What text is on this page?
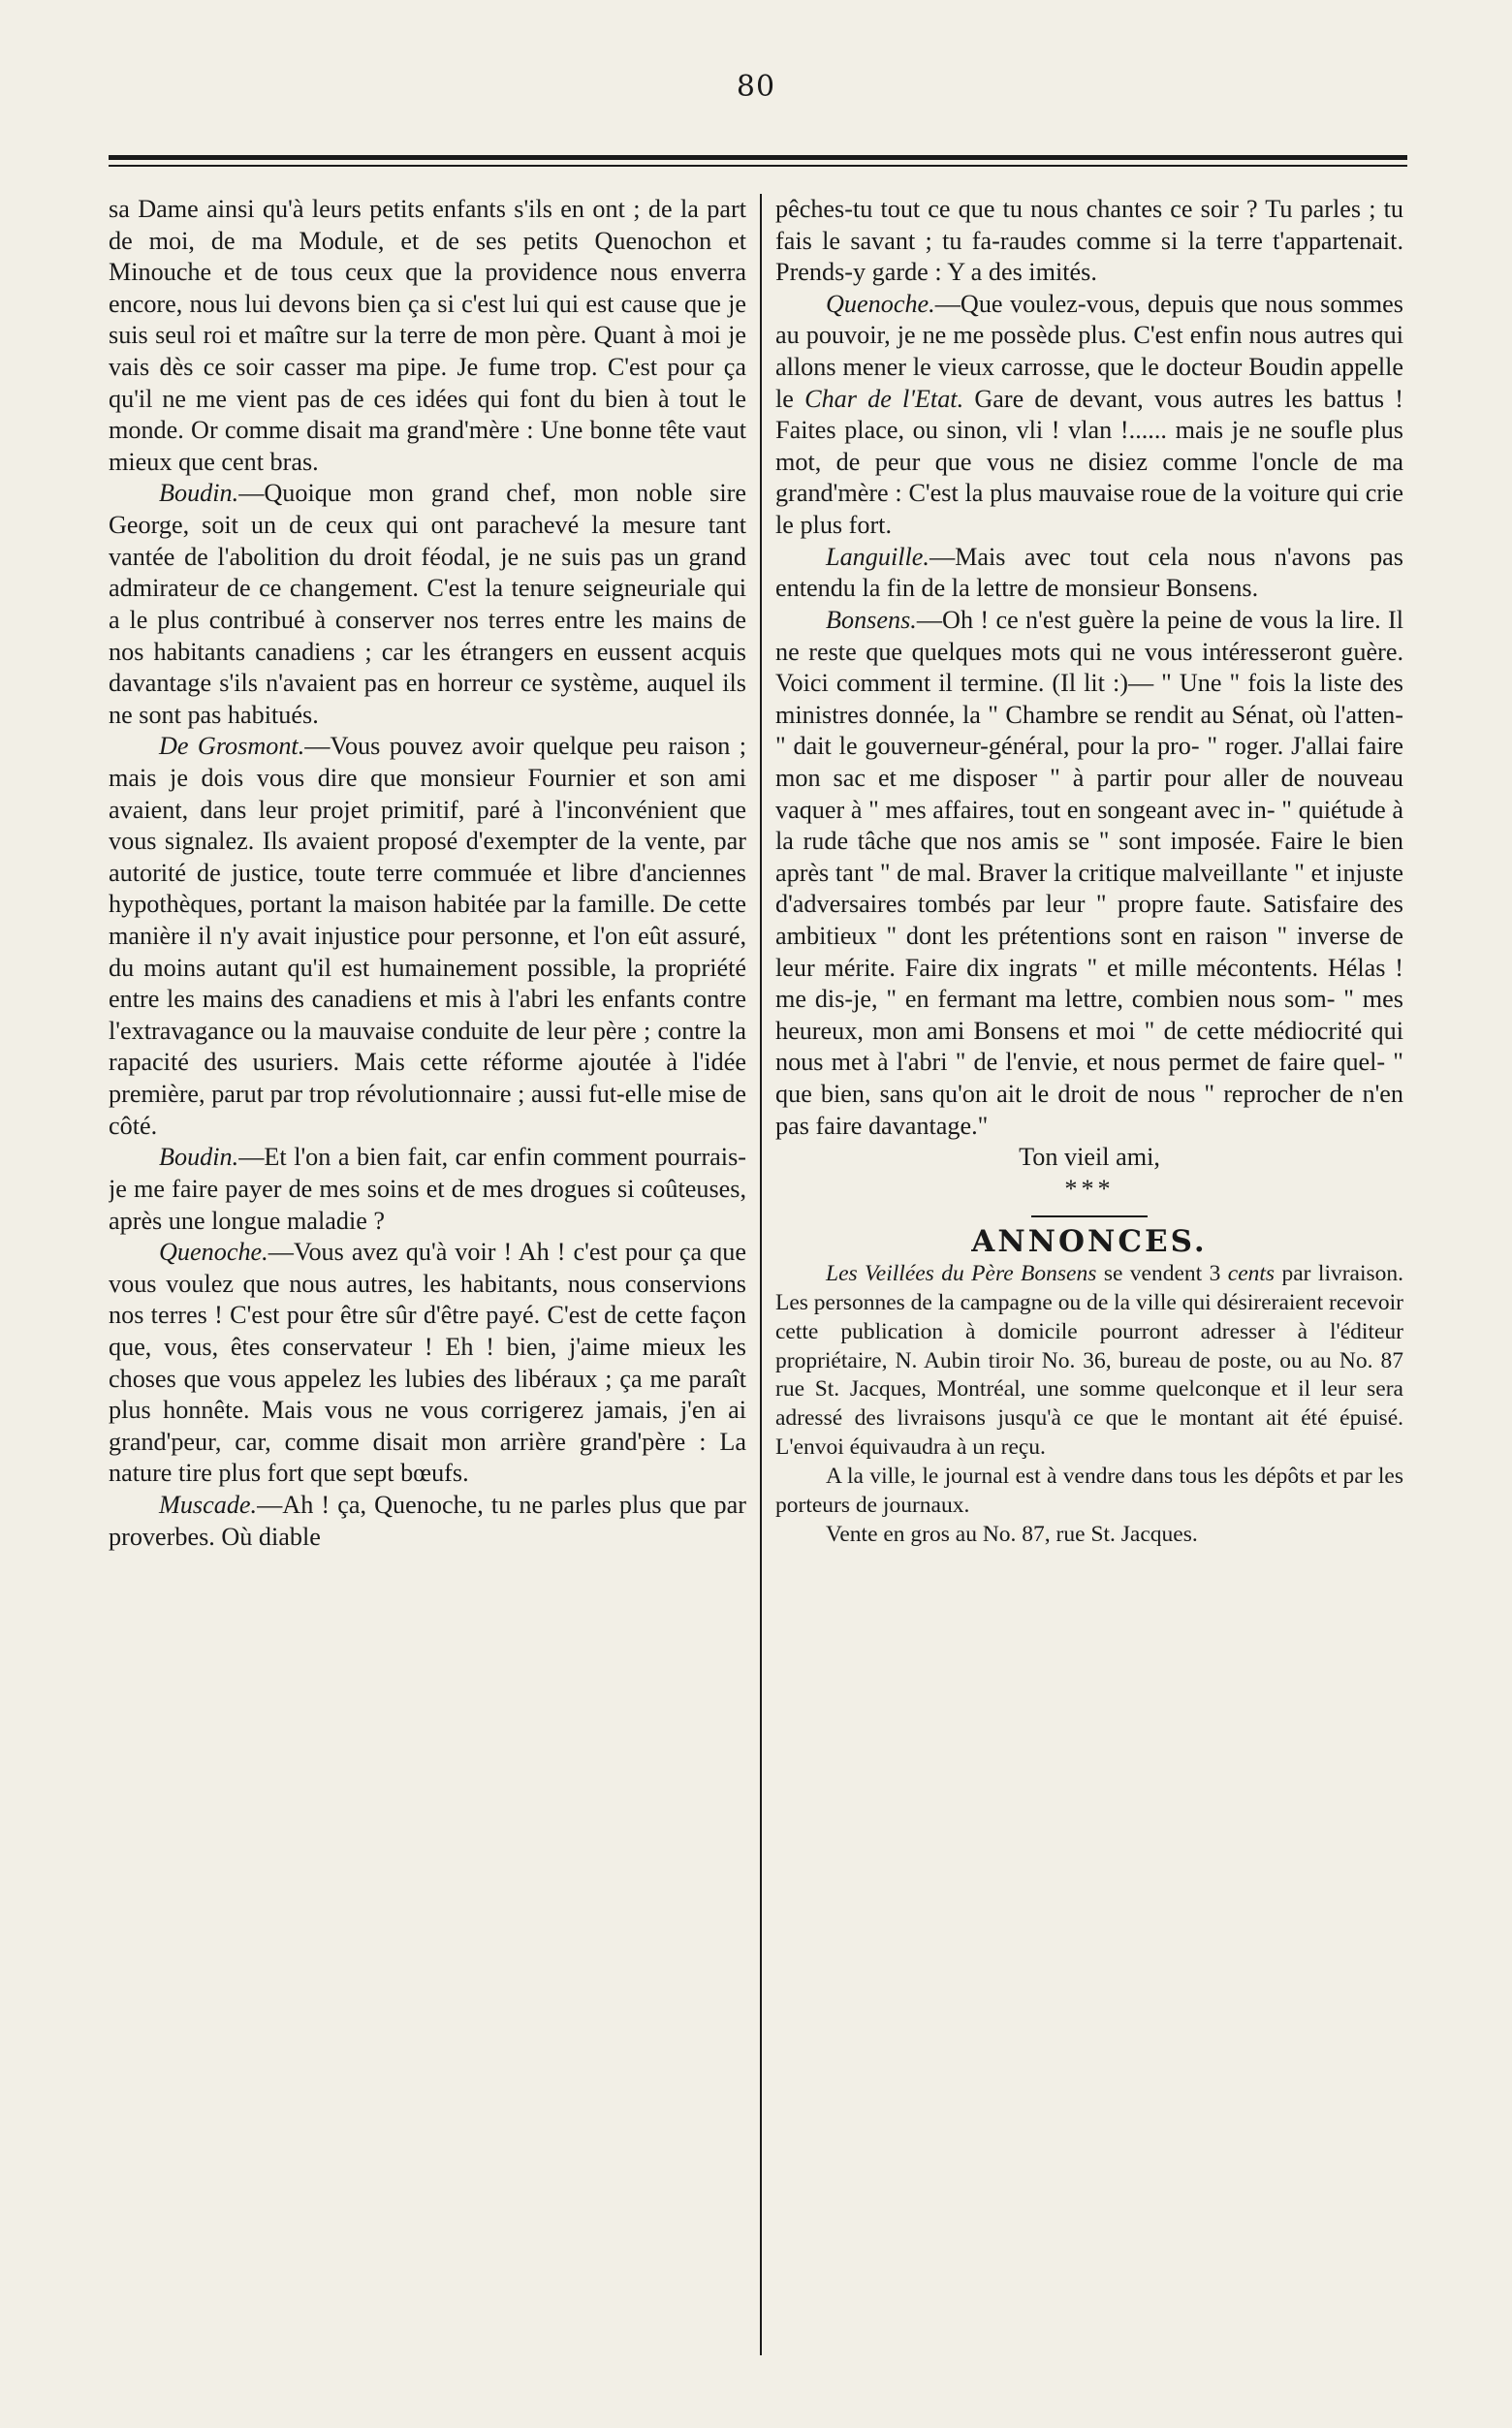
80

sa Dame ainsi qu'à leurs petits enfants s'ils en ont ; de la part de moi, de ma Module, et de ses petits Quenochon et Minouche et de tous ceux que la providence nous enverra encore, nous lui devons bien ça si c'est lui qui est cause que je suis seul roi et maître sur la terre de mon père. Quant à moi je vais dès ce soir casser ma pipe. Je fume trop. C'est pour ça qu'il ne me vient pas de ces idées qui font du bien à tout le monde. Or comme disait ma grand'mère : Une bonne tête vaut mieux que cent bras.

Boudin.—Quoique mon grand chef, mon noble sire George, soit un de ceux qui ont parachevé la mesure tant vantée de l'abolition du droit féodal, je ne suis pas un grand admirateur de ce changement. C'est la tenure seigneuriale qui a le plus contribué à conserver nos terres entre les mains de nos habitants canadiens ; car les étrangers en eussent acquis davantage s'ils n'avaient pas en horreur ce système, auquel ils ne sont pas habitués.

De Grosmont.—Vous pouvez avoir quelque peu raison ; mais je dois vous dire que monsieur Fournier et son ami avaient, dans leur projet primitif, paré à l'inconvénient que vous signalez. Ils avaient proposé d'exempter de la vente, par autorité de justice, toute terre commuée et libre d'anciennes hypothèques, portant la maison habitée par la famille. De cette manière il n'y avait injustice pour personne, et l'on eût assuré, du moins autant qu'il est humainement possible, la propriété entre les mains des canadiens et mis à l'abri les enfants contre l'extravagance ou la mauvaise conduite de leur père ; contre la rapacité des usuriers. Mais cette réforme ajoutée à l'idée première, parut par trop révolutionnaire ; aussi fut-elle mise de côté.

Boudin.—Et l'on a bien fait, car enfin comment pourrais-je me faire payer de mes soins et de mes drogues si coûteuses, après une longue maladie ?

Quenoche.—Vous avez qu'à voir ! Ah ! c'est pour ça que vous voulez que nous autres, les habitants, nous conservions nos terres ! C'est pour être sûr d'être payé. C'est de cette façon que, vous, êtes conservateur ! Eh ! bien, j'aime mieux les choses que vous appelez les lubies des libéraux ; ça me paraît plus honnête. Mais vous ne vous corrigerez jamais, j'en ai grand'peur, car, comme disait mon arrière grand'père : La nature tire plus fort que sept bœufs.

Muscade.—Ah ! ça, Quenoche, tu ne parles plus que par proverbes. Où diable

pêches-tu tout ce que tu nous chantes ce soir ? Tu parles ; tu fais le savant ; tu fa-raudes comme si la terre t'appartenait. Prends-y garde : Y a des imités.

Quenoche.—Que voulez-vous, depuis que nous sommes au pouvoir, je ne me possède plus. C'est enfin nous autres qui allons mener le vieux carrosse, que le docteur Boudin appelle le Char de l'Etat. Gare de devant, vous autres les battus ! Faites place, ou sinon, vli ! vlan !...... mais je ne soufle plus mot, de peur que vous ne disiez comme l'oncle de ma grand'mère : C'est la plus mauvaise roue de la voiture qui crie le plus fort.

Languille.—Mais avec tout cela nous n'avons pas entendu la fin de la lettre de monsieur Bonsens.

Bonsens.—Oh ! ce n'est guère la peine de vous la lire. Il ne reste que quelques mots qui ne vous intéresseront guère. Voici comment il termine. (Il lit :)— " Une " fois la liste des ministres donnée, la " Chambre se rendit au Sénat, où l'atten- " dait le gouverneur-général, pour la pro- " roger. J'allai faire mon sac et me disposer " à partir pour aller de nouveau vaquer à " mes affaires, tout en songeant avec in- " quiétude à la rude tâche que nos amis se " sont imposée. Faire le bien après tant " de mal. Braver la critique malveillante " et injuste d'adversaires tombés par leur " propre faute. Satisfaire des ambitieux " dont les prétentions sont en raison " inverse de leur mérite. Faire dix ingrats " et mille mécontents. Hélas ! me dis-je, " en fermant ma lettre, combien nous som- " mes heureux, mon ami Bonsens et moi " de cette médiocrité qui nous met à l'abri " de l'envie, et nous permet de faire quel- " que bien, sans qu'on ait le droit de nous " reprocher de n'en pas faire davantage."

Ton vieil ami,

***

ANNONCES.

Les Veillées du Père Bonsens se vendent 3 cents par livraison. Les personnes de la campagne ou de la ville qui désireraient recevoir cette publication à domicile pourront adresser à l'éditeur propriétaire, N. Aubin tiroir No. 36, bureau de poste, ou au No. 87 rue St. Jacques, Montréal, une somme quelconque et il leur sera adressé des livraisons jusqu'à ce que le montant ait été épuisé. L'envoi équivaudra à un reçu.

A la ville, le journal est à vendre dans tous les dépôts et par les porteurs de journaux.

Vente en gros au No. 87, rue St. Jacques.
